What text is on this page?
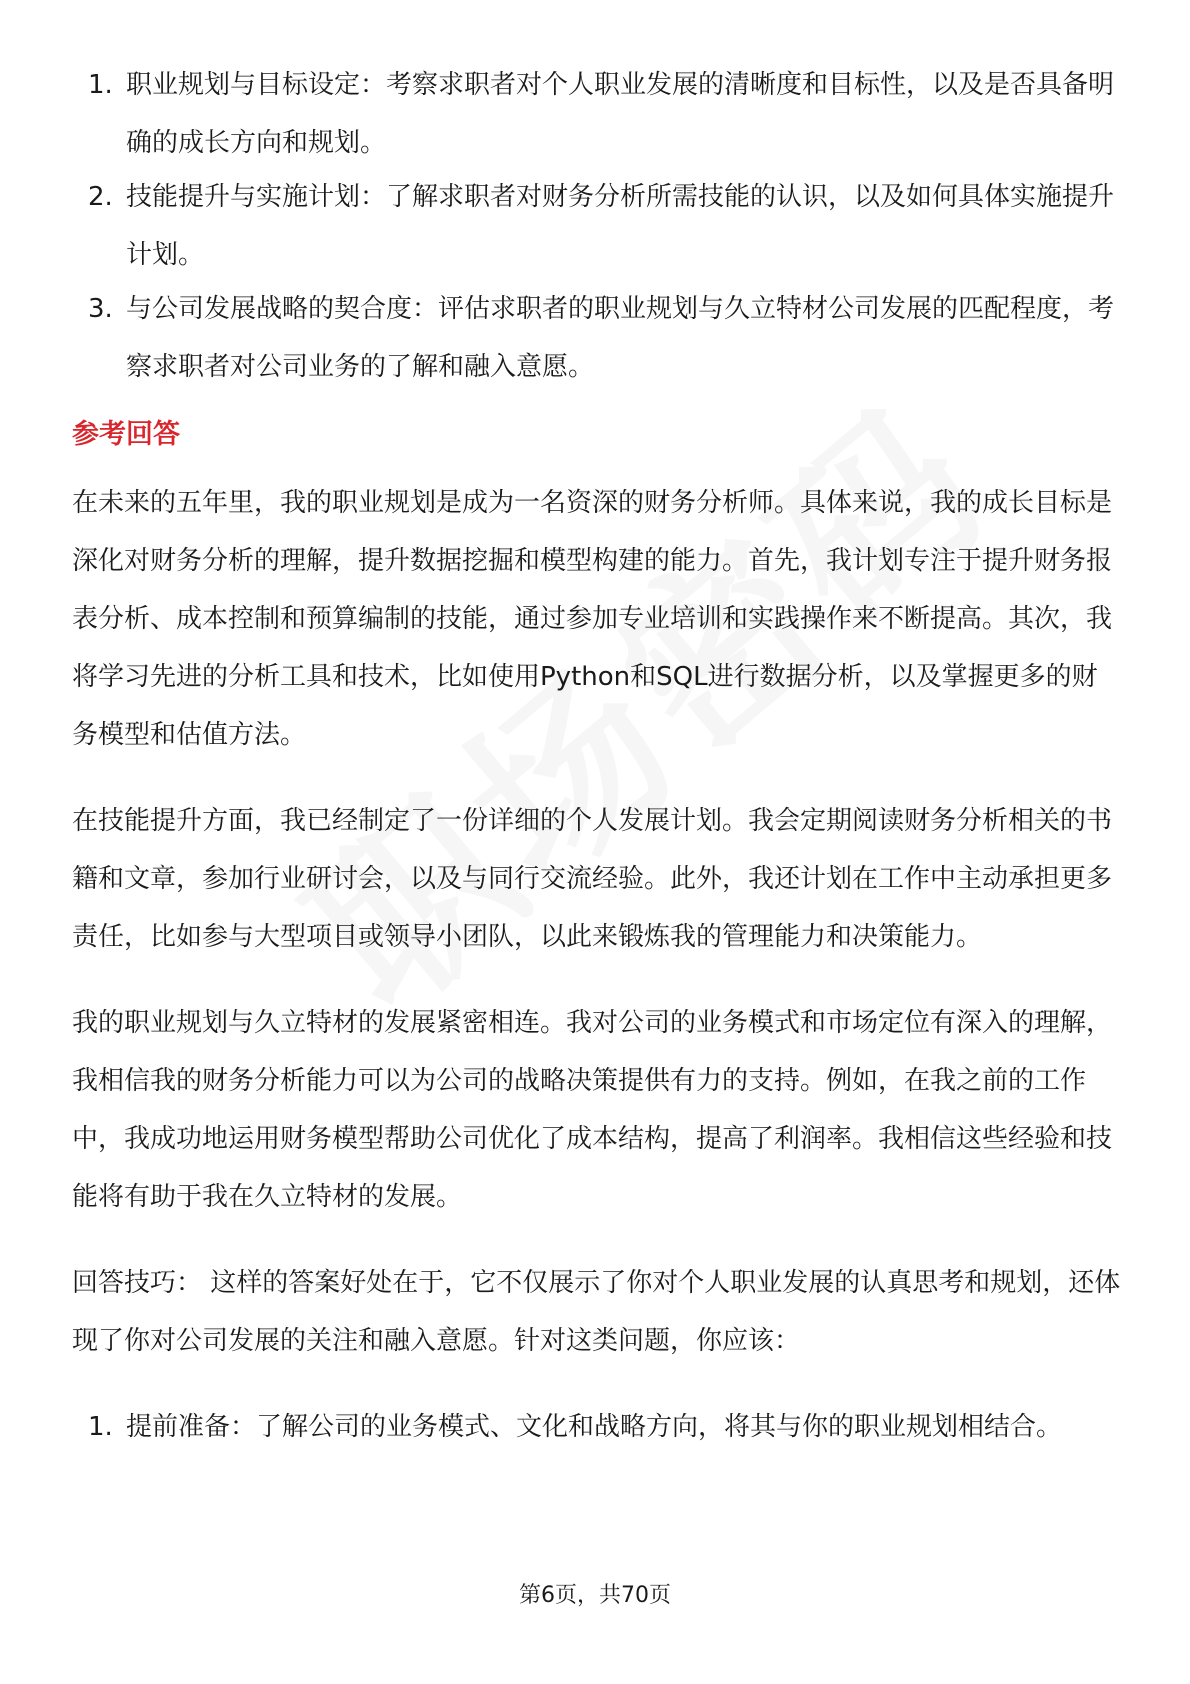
1. 职业规划与目标设定：考察求职者对个人职业发展的清晰度和目标性，以及是否具备明确的成长方向和规划。
2. 技能提升与实施计划：了解求职者对财务分析所需技能的认识，以及如何具体实施提升计划。
3. 与公司发展战略的契合度：评估求职者的职业规划与久立特材公司发展的匹配程度，考察求职者对公司业务的了解和融入意愿。
参考回答

在未来的五年里，我的职业规划是成为一名资深的财务分析师。具体来说，我的成长目标是深化对财务分析的理解，提升数据挖掘和模型构建的能力。首先，我计划专注于提升财务报表分析、成本控制和预算编制的技能，通过参加专业培训和实践操作来不断提高。其次，我将学习先进的分析工具和技术，比如使用Python和SQL进行数据分析，以及掌握更多的财务模型和估值方法。

在技能提升方面，我已经制定了一份详细的个人发展计划。我会定期阅读财务分析相关的书籍和文章，参加行业研讨会，以及与同行交流经验。此外，我还计划在工作中主动承担更多责任，比如参与大型项目或领导小团队，以此来锻炼我的管理能力和决策能力。

我的职业规划与久立特材的发展紧密相连。我对公司的业务模式和市场定位有深入的理解，我相信我的财务分析能力可以为公司的战略决策提供有力的支持。例如，在我之前的工作中，我成功地运用财务模型帮助公司优化了成本结构，提高了利润率。我相信这些经验和技能将有助于我在久立特材的发展。

回答技巧： 这样的答案好处在于，它不仅展示了你对个人职业发展的认真思考和规划，还体现了你对公司发展的关注和融入意愿。针对这类问题，你应该：

1. 提前准备：了解公司的业务模式、文化和战略方向，将其与你的职业规划相结合。
第6页，共70页
